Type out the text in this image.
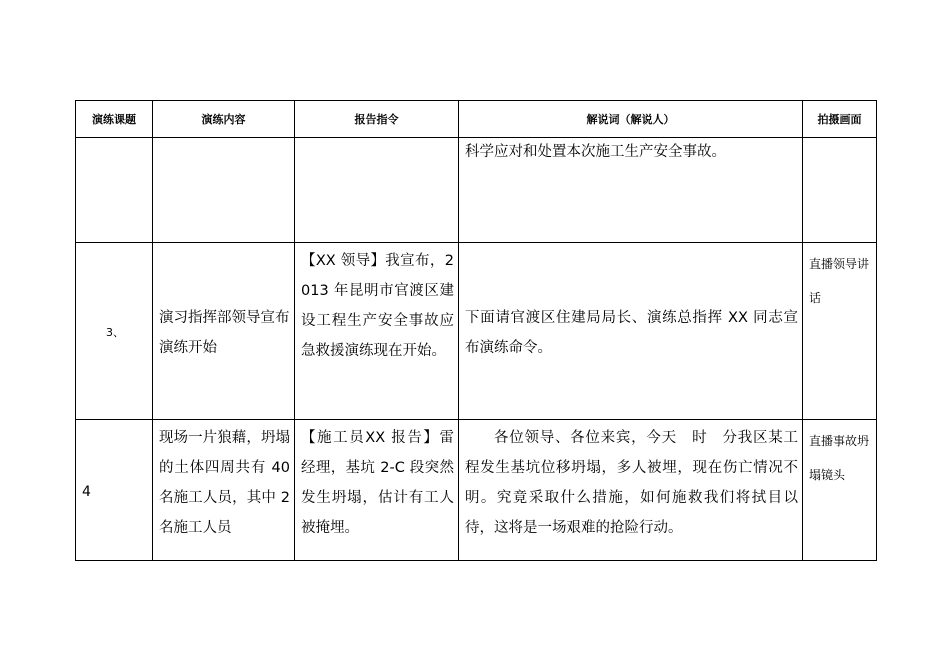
演练课题	演练内容	报告指令	解说词（解说人）	拍摄画面

			科学应对和处置本次施工生产安全事故。	

3、	演习指挥部领导宣布演练开始	【XX 领导】我宣布，2013 年昆明市官渡区建设工程生产安全事故应急救援演练现在开始。	下面请官渡区住建局局长、演练总指挥 XX 同志宣布演练命令。	直播领导讲话

4	现场一片狼藉，坍塌的土体四周共有 40 名施工人员，其中 2 名施工人员	【施工员XX 报告】雷经理，基坑 2-C 段突然发生坍塌，估计有工人被掩埋。	各位领导、各位来宾，今天　时　分我区某工程发生基坑位移坍塌，多人被埋，现在伤亡情况不明。究竟采取什么措施，如何施救我们将拭目以待，这将是一场艰难的抢险行动。	直播事故坍塌镜头
